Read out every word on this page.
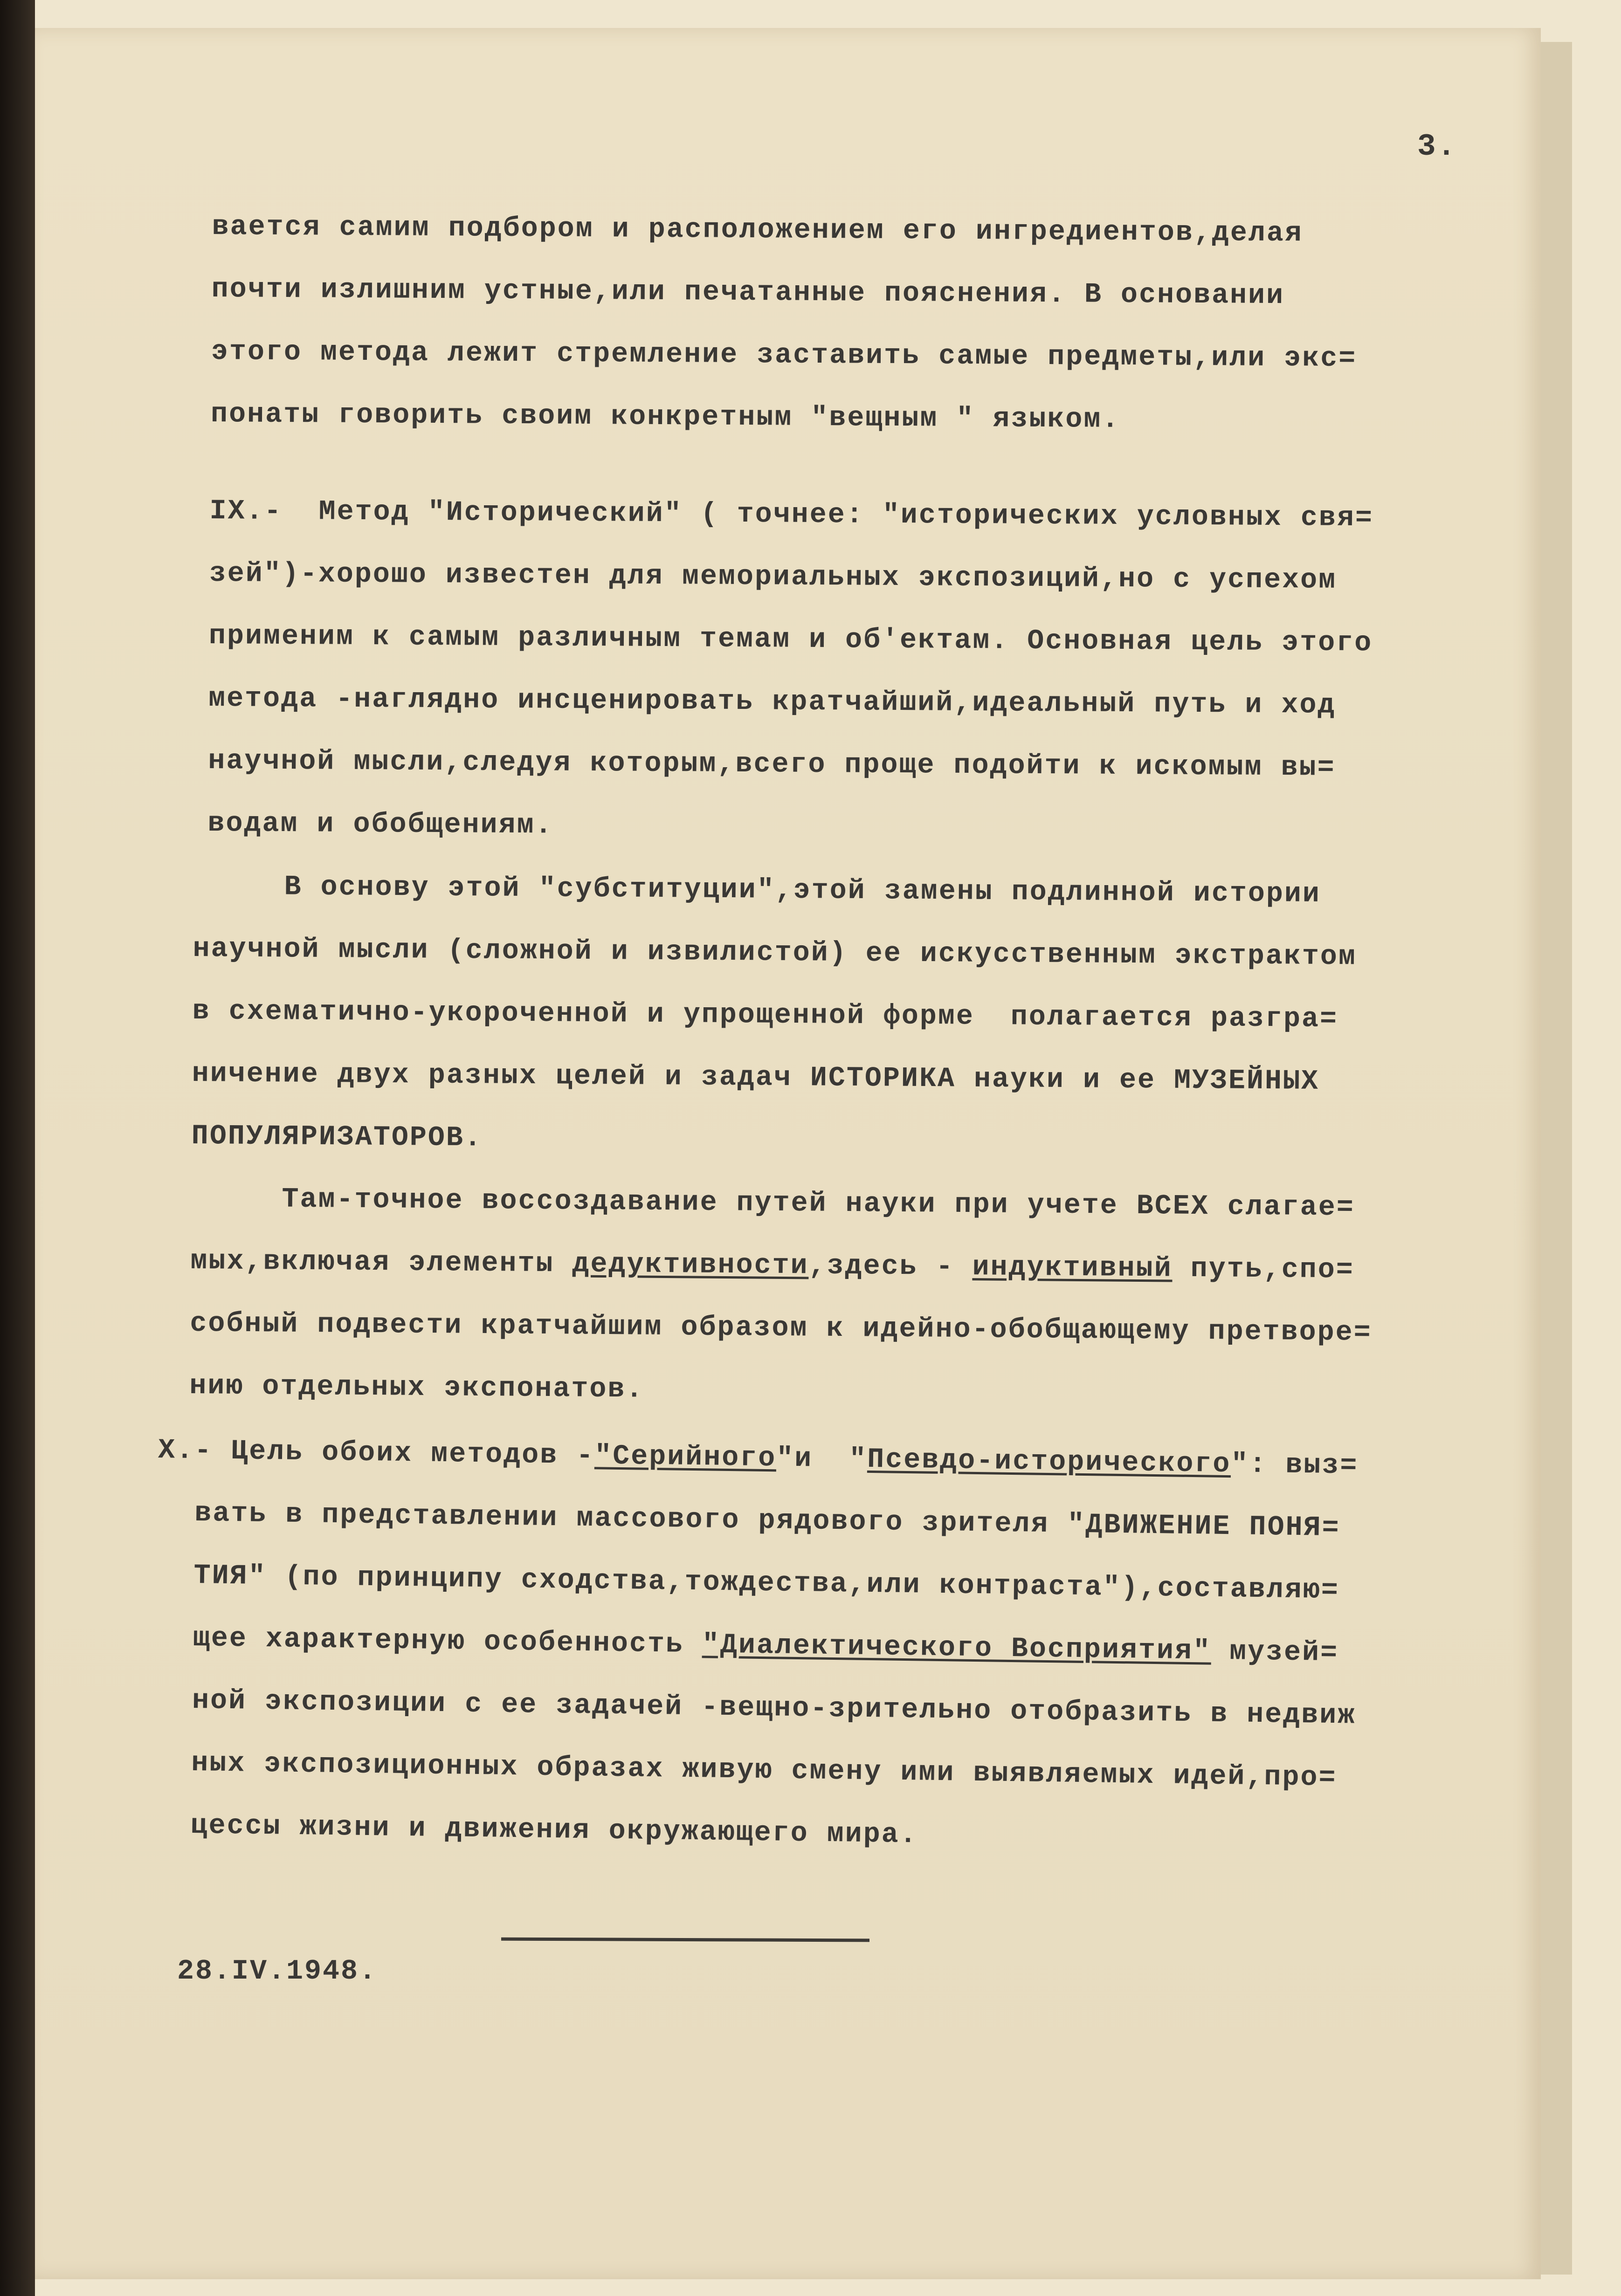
3.
вается самим подбором и расположением его ингредиентов,делая
почти излишним устные,или печатанные пояснения. В основании
этого метода лежит стремление заставить самые предметы,или экс=
понаты говорить своим конкретным "вещным " языком.
IX.-  Метод "Исторический" ( точнее: "исторических условных свя=
зей")-хорошо известен для мемориальных экспозиций,но с успехом
применим к самым различным темам и об'ектам. Основная цель этого
метода -наглядно инсценировать кратчайший,идеальный путь и ход
научной мысли,следуя которым,всего проще подойти к искомым вы=
водам и обобщениям.
В основу этой "субституции",этой замены подлинной истории
научной мысли (сложной и извилистой) ее искусственным экстрактом
в схематично-укороченной и упрощенной форме  полагается разгра=
ничение двух разных целей и задач ИСТОРИКА науки и ее МУЗЕЙНЫХ
ПОПУЛЯРИЗАТОРОВ.
Там-точное воссоздавание путей науки при учете ВСЕХ слагае=
мых,включая элементы дедуктивности,здесь - индуктивный путь,спо=
собный подвести кратчайшим образом к идейно-обобщающему претворе=
нию отдельных экспонатов.
Х.- Цель обоих методов -"Серийного"и  "Псевдо-исторического": выз=
вать в представлении массового рядового зрителя "ДВИЖЕНИЕ ПОНЯ=
ТИЯ" (по принципу сходства,тождества,или контраста"),составляю=
щее характерную особенность "Диалектического Восприятия" музей=
ной экспозиции с ее задачей -вещно-зрительно отобразить в недвиж
ных экспозиционных образах живую смену ими выявляемых идей,про=
цессы жизни и движения окружающего мира.
28.IV.1948.
